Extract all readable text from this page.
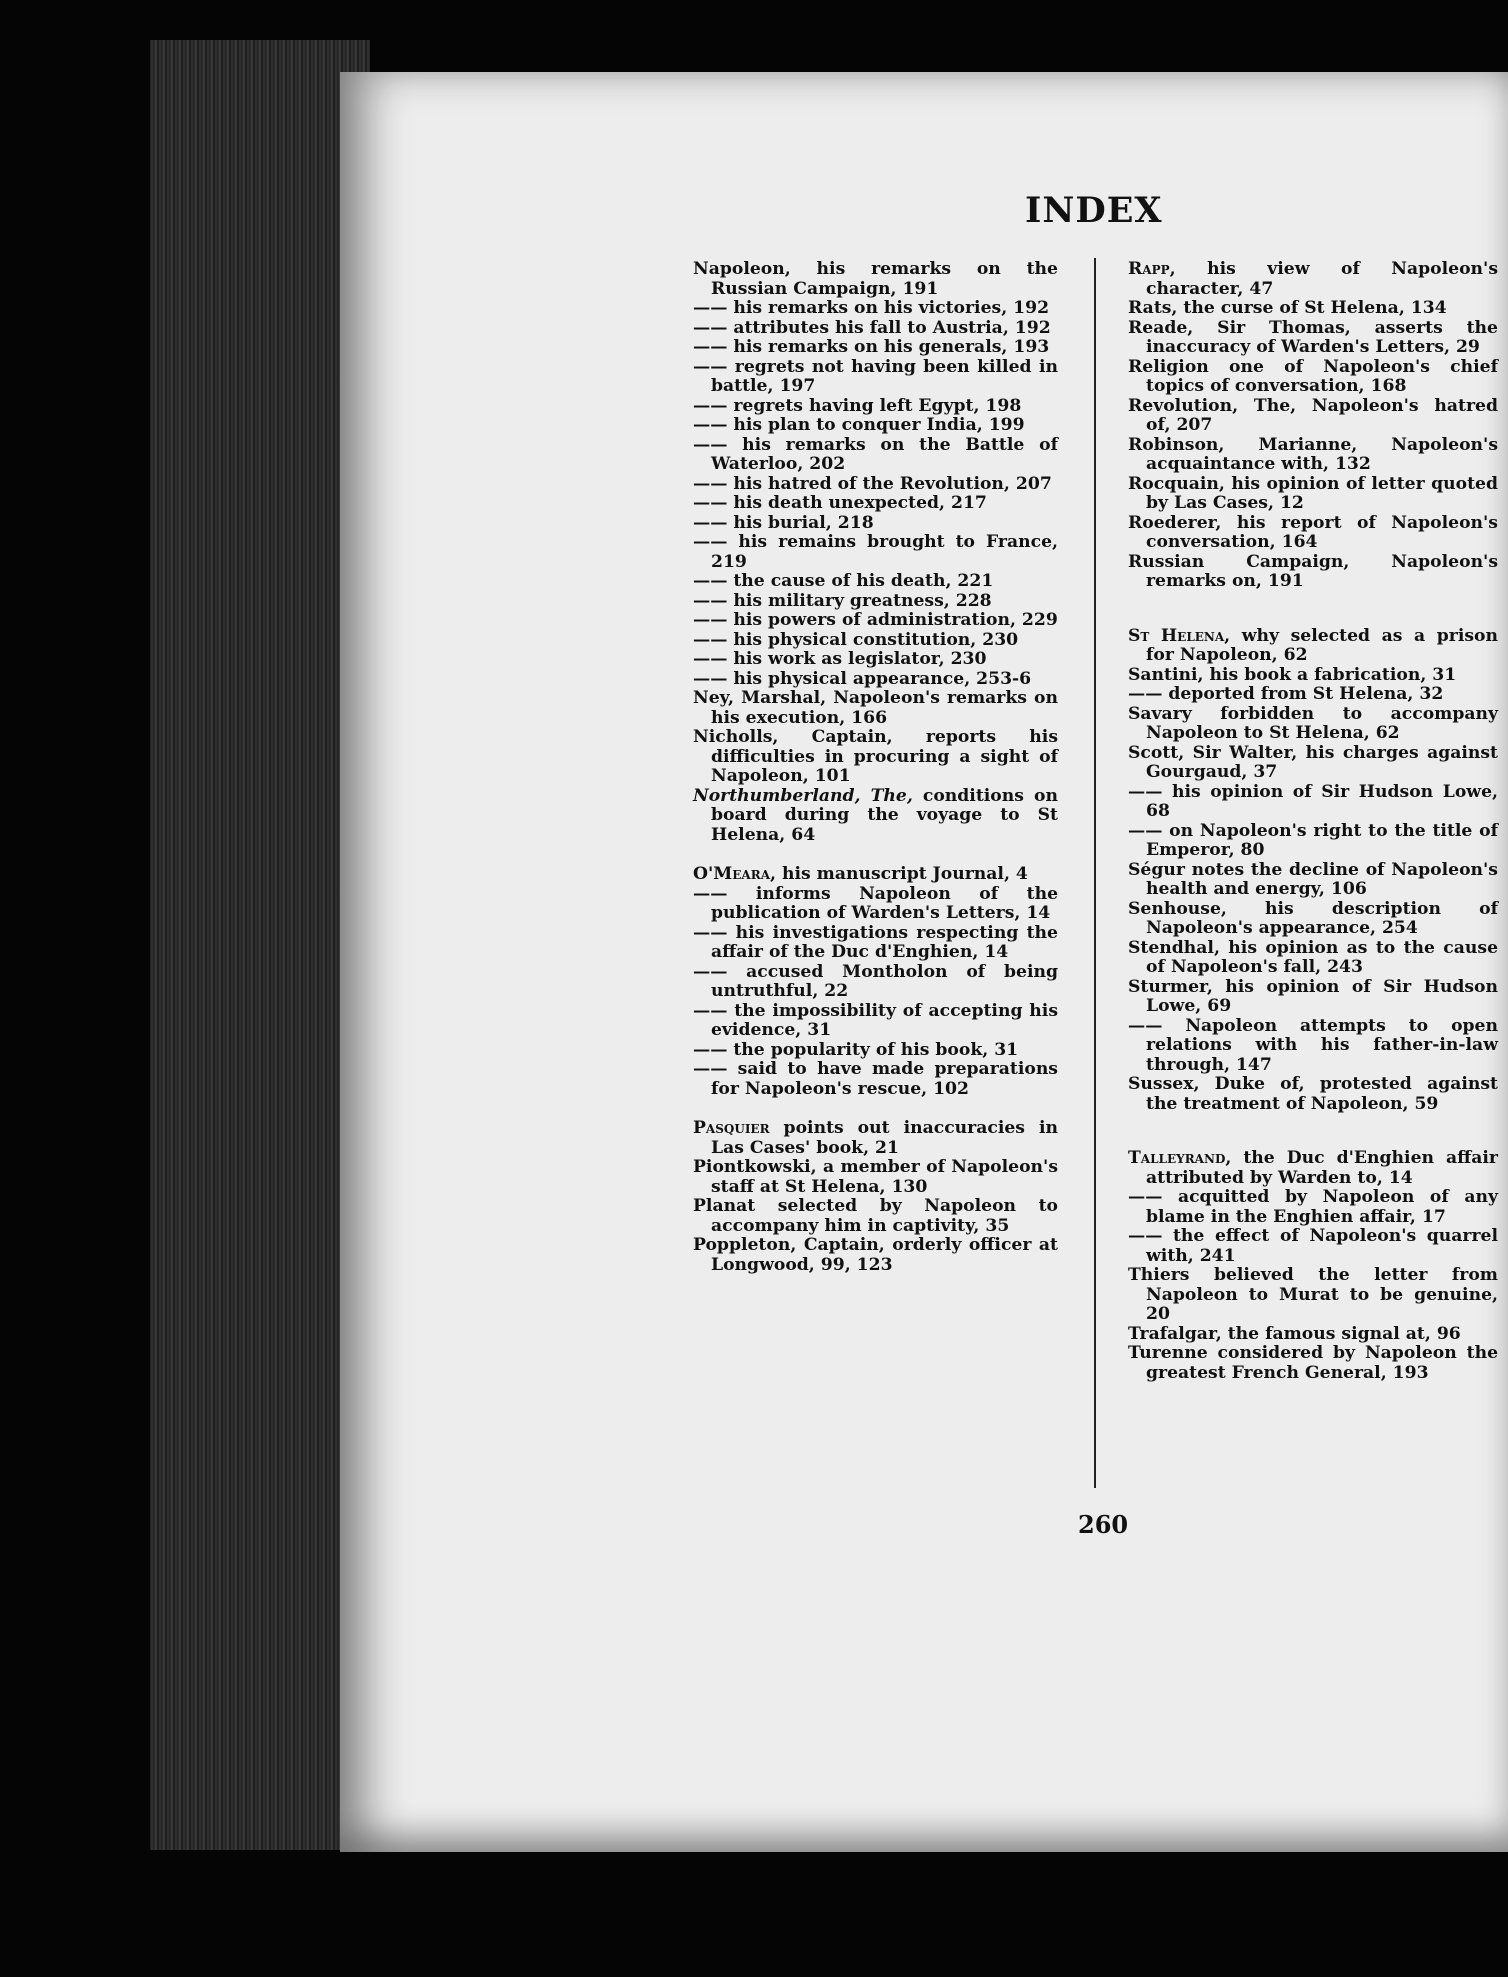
INDEX
Napoleon, his remarks on the Russian Campaign, 191
—— his remarks on his victories, 192
—— attributes his fall to Austria, 192
—— his remarks on his generals, 193
—— regrets not having been killed in battle, 197
—— regrets having left Egypt, 198
—— his plan to conquer India, 199
—— his remarks on the Battle of Waterloo, 202
—— his hatred of the Revolution, 207
—— his death unexpected, 217
—— his burial, 218
—— his remains brought to France, 219
—— the cause of his death, 221
—— his military greatness, 228
—— his powers of administration, 229
—— his physical constitution, 230
—— his work as legislator, 230
—— his physical appearance, 253-6
Ney, Marshal, Napoleon's remarks on his execution, 166
Nicholls, Captain, reports his difficulties in procuring a sight of Napoleon, 101
Northumberland, The, conditions on board during the voyage to St Helena, 64
O'Meara, his manuscript Journal, 4
—— informs Napoleon of the publication of Warden's Letters, 14
—— his investigations respecting the affair of the Duc d'Enghien, 14
—— accused Montholon of being untruthful, 22
—— the impossibility of accepting his evidence, 31
—— the popularity of his book, 31
—— said to have made preparations for Napoleon's rescue, 102
Pasquier points out inaccuracies in Las Cases' book, 21
Piontkowski, a member of Napoleon's staff at St Helena, 130
Planat selected by Napoleon to accompany him in captivity, 35
Poppleton, Captain, orderly officer at Longwood, 99, 123
Rapp, his view of Napoleon's character, 47
Rats, the curse of St Helena, 134
Reade, Sir Thomas, asserts the inaccuracy of Warden's Letters, 29
Religion one of Napoleon's chief topics of conversation, 168
Revolution, The, Napoleon's hatred of, 207
Robinson, Marianne, Napoleon's acquaintance with, 132
Rocquain, his opinion of letter quoted by Las Cases, 12
Roederer, his report of Napoleon's conversation, 164
Russian Campaign, Napoleon's remarks on, 191
St Helena, why selected as a prison for Napoleon, 62
Santini, his book a fabrication, 31
—— deported from St Helena, 32
Savary forbidden to accompany Napoleon to St Helena, 62
Scott, Sir Walter, his charges against Gourgaud, 37
—— his opinion of Sir Hudson Lowe, 68
—— on Napoleon's right to the title of Emperor, 80
Ségur notes the decline of Napoleon's health and energy, 106
Senhouse, his description of Napoleon's appearance, 254
Stendhal, his opinion as to the cause of Napoleon's fall, 243
Sturmer, his opinion of Sir Hudson Lowe, 69
—— Napoleon attempts to open relations with his father-in-law through, 147
Sussex, Duke of, protested against the treatment of Napoleon, 59
Talleyrand, the Duc d'Enghien affair attributed by Warden to, 14
—— acquitted by Napoleon of any blame in the Enghien affair, 17
—— the effect of Napoleon's quarrel with, 241
Thiers believed the letter from Napoleon to Murat to be genuine, 20
Trafalgar, the famous signal at, 96
Turenne considered by Napoleon the greatest French General, 193
260
